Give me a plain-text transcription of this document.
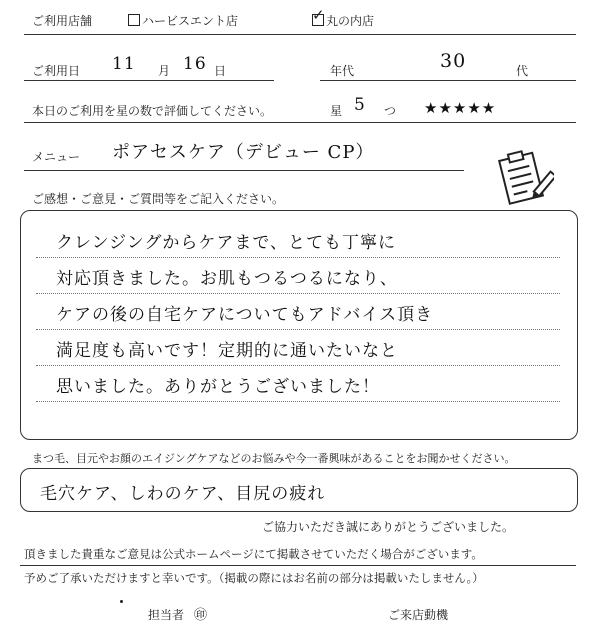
ご利用店舗	ハービスエント店	✓ 丸の内店
ご利用日 11 月 16 日	年代	30	代
本日のご利用を星の数で評価してください。	星 5 つ ★★★★★
メニュー ポアセスケア（デビュー CP）
ご感想・ご意見・ご質問等をご記入ください。
クレンジングからケアまで、とても丁寧に
対応頂きました。お肌もつるつるになり、
ケアの後の自宅ケアについてもアドバイス頂き
満足度も高いです！定期的に通いたいなと
思いました。ありがとうございました！
まつ毛、目元やお顔のエイジングケアなどのお悩みや今一番興味があることをお聞かせください。
毛穴ケア、しわのケア、目尻の疲れ
ご協力いただき誠にありがとうございました。
頂きました貴重なご意見は公式ホームページにて掲載させていただく場合がございます。
予めご了承いただけますと幸いです。（掲載の際にはお名前の部分は掲載いたしません。）
担当者 ㊞	ご来店動機
